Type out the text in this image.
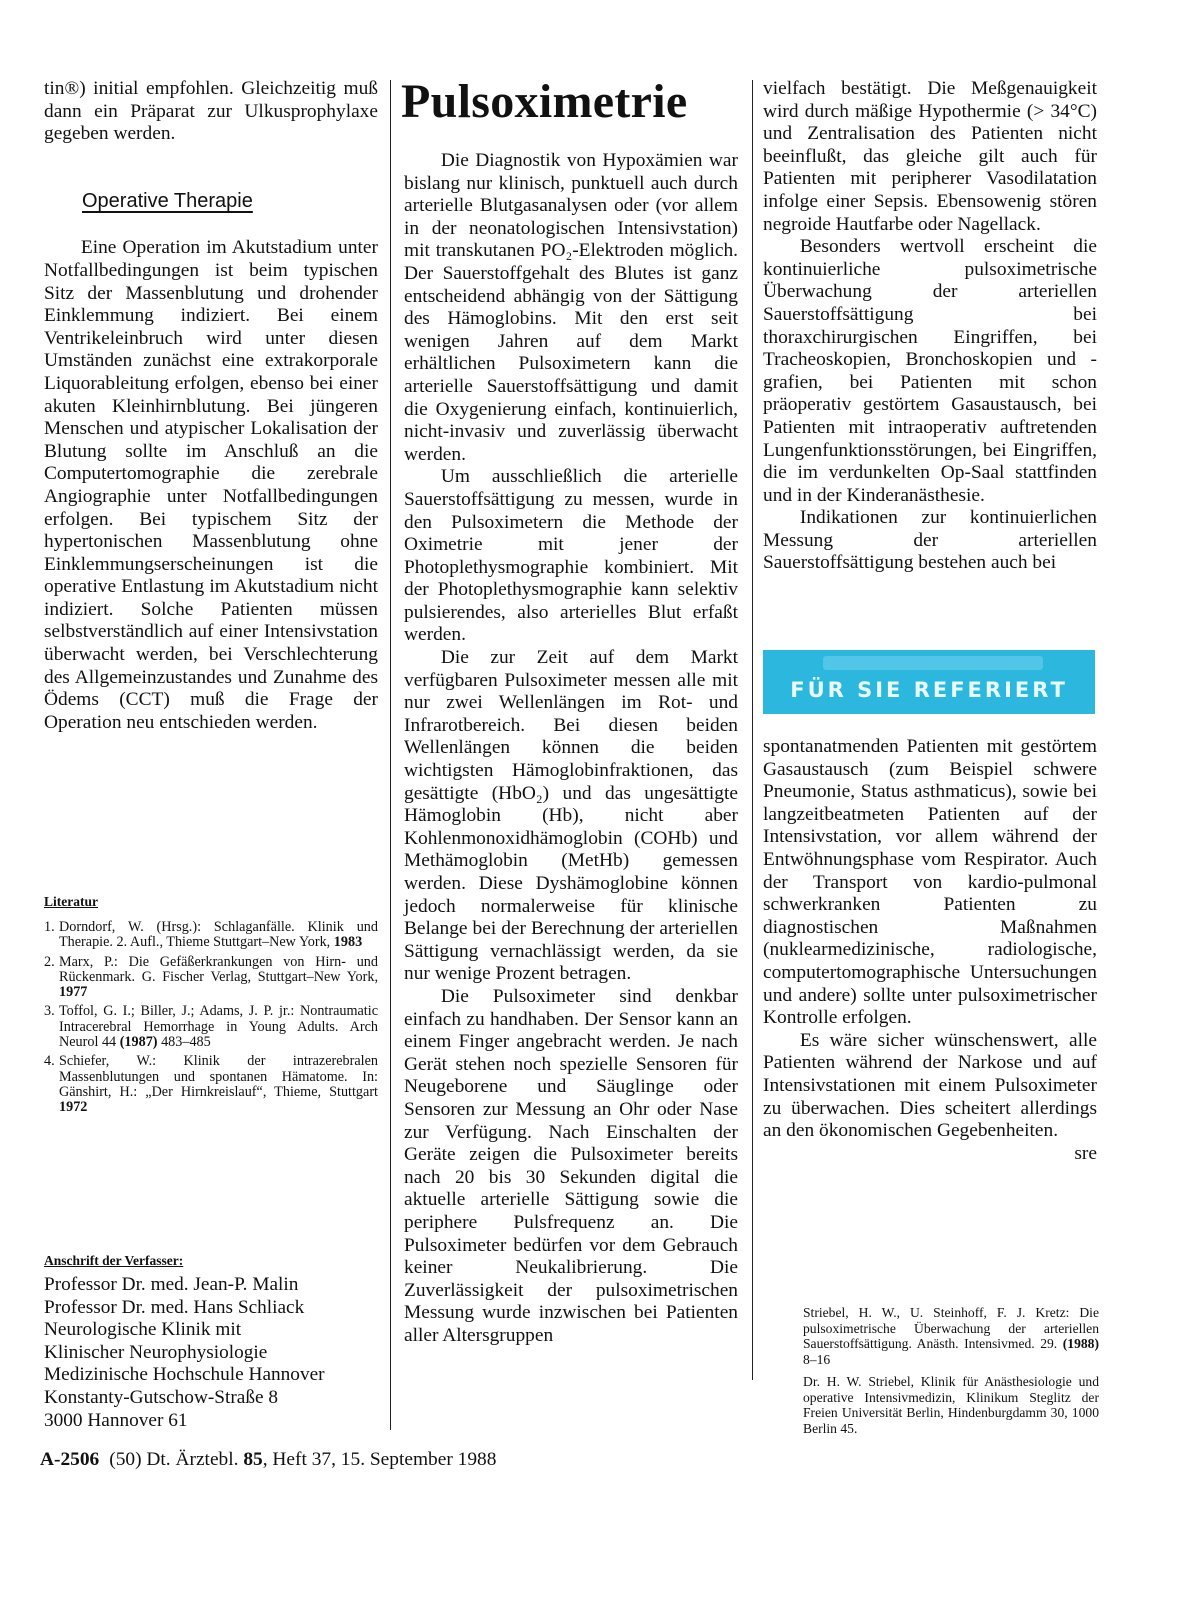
tin®) initial empfohlen. Gleichzeitig muß dann ein Präparat zur Ulkusprophylaxe gegeben werden.

Operative Therapie

Eine Operation im Akutstadium unter Notfallbedingungen ist beim typischen Sitz der Massenblutung und drohender Einklemmung indiziert. Bei einem Ventrikeleinbruch wird unter diesen Umständen zunächst eine extrakorporale Liquorableitung erfolgen, ebenso bei einer akuten Kleinhirnblutung. Bei jüngeren Menschen und atypischer Lokalisation der Blutung sollte im Anschluß an die Computertomographie die zerebrale Angiographie unter Notfallbedingungen erfolgen. Bei typischem Sitz der hypertonischen Massenblutung ohne Einklemmungserscheinungen ist die operative Entlastung im Akutstadium nicht indiziert. Solche Patienten müssen selbstverständlich auf einer Intensivstation überwacht werden, bei Verschlechterung des Allgemeinzustandes und Zunahme des Ödems (CCT) muß die Frage der Operation neu entschieden werden.

Literatur
1. Dorndorf, W. (Hrsg.): Schlaganfälle. Klinik und Therapie. 2. Aufl., Thieme Stuttgart–New York, 1983
2. Marx, P.: Die Gefäßerkrankungen von Hirn- und Rückenmark. G. Fischer Verlag, Stuttgart–New York, 1977
3. Toffol, G. I.; Biller, J.; Adams, J. P. jr.: Nontraumatic Intracerebral Hemorrhage in Young Adults. Arch Neurol 44 (1987) 483–485
4. Schiefer, W.: Klinik der intrazerebralen Massenblutungen und spontanen Hämatome. In: Gänshirt, H.: „Der Hirnkreislauf“, Thieme, Stuttgart 1972
Anschrift der Verfasser:
Professor Dr. med. Jean-P. Malin
Professor Dr. med. Hans Schliack
Neurologische Klinik mit
Klinischer Neurophysiologie
Medizinische Hochschule Hannover
Konstanty-Gutschow-Straße 8
3000 Hannover 61
Pulsoximetrie

Die Diagnostik von Hypoxämien war bislang nur klinisch, punktuell auch durch arterielle Blutgasanalysen oder (vor allem in der neonatologischen Intensivstation) mit transkutanen PO₂-Elektroden möglich. Der Sauerstoffgehalt des Blutes ist ganz entscheidend abhängig von der Sättigung des Hämoglobins. Mit den erst seit wenigen Jahren auf dem Markt erhältlichen Pulsoximetern kann die arterielle Sauerstoffsättigung und damit die Oxygenierung einfach, kontinuierlich, nicht-invasiv und zuverlässig überwacht werden.

Um ausschließlich die arterielle Sauerstoffsättigung zu messen, wurde in den Pulsoximetern die Methode der Oximetrie mit jener der Photoplethysmographie kombiniert. Mit der Photoplethysmographie kann selektiv pulsierendes, also arterielles Blut erfaßt werden.

Die zur Zeit auf dem Markt verfügbaren Pulsoximeter messen alle mit nur zwei Wellenlängen im Rot- und Infrarotbereich. Bei diesen beiden Wellenlängen können die beiden wichtigsten Hämoglobinfraktionen, das gesättigte (HbO₂) und das ungesättigte Hämoglobin (Hb), nicht aber Kohlenmonoxidhämoglobin (COHb) und Methämoglobin (MetHb) gemessen werden. Diese Dyshämoglobine können jedoch normalerweise für klinische Belange bei der Berechnung der arteriellen Sättigung vernachlässigt werden, da sie nur wenige Prozent betragen.

Die Pulsoximeter sind denkbar einfach zu handhaben. Der Sensor kann an einem Finger angebracht werden. Je nach Gerät stehen noch spezielle Sensoren für Neugeborene und Säuglinge oder Sensoren zur Messung an Ohr oder Nase zur Verfügung. Nach Einschalten der Geräte zeigen die Pulsoximeter bereits nach 20 bis 30 Sekunden digital die aktuelle arterielle Sättigung sowie die periphere Pulsfrequenz an. Die Pulsoximeter bedürfen vor dem Gebrauch keiner Neukalibrierung. Die Zuverlässigkeit der pulsoximetrischen Messung wurde inzwischen bei Patienten aller Altersgruppen

vielfach bestätigt. Die Meßgenauigkeit wird durch mäßige Hypothermie (> 34°C) und Zentralisation des Patienten nicht beeinflußt, das gleiche gilt auch für Patienten mit peripherer Vasodilatation infolge einer Sepsis. Ebensowenig stören negroide Hautfarbe oder Nagellack.

Besonders wertvoll erscheint die kontinuierliche pulsoximetrische Überwachung der arteriellen Sauerstoffsättigung bei thoraxchirurgischen Eingriffen, bei Tracheoskopien, Bronchoskopien und -grafien, bei Patienten mit schon präoperativ gestörtem Gasaustausch, bei Patienten mit intraoperativ auftretenden Lungenfunktionsstörungen, bei Eingriffen, die im verdunkelten Op-Saal stattfinden und in der Kinderanästhesie.

Indikationen zur kontinuierlichen Messung der arteriellen Sauerstoffsättigung bestehen auch bei

FÜR SIE REFERIERT

spontanatmenden Patienten mit gestörtem Gasaustausch (zum Beispiel schwere Pneumonie, Status asthmaticus), sowie bei langzeitbeatmeten Patienten auf der Intensivstation, vor allem während der Entwöhnungsphase vom Respirator. Auch der Transport von kardio-pulmonal schwerkranken Patienten zu diagnostischen Maßnahmen (nuklearmedizinische, radiologische, computertomographische Untersuchungen und andere) sollte unter pulsoximetrischer Kontrolle erfolgen.

Es wäre sicher wünschenswert, alle Patienten während der Narkose und auf Intensivstationen mit einem Pulsoximeter zu überwachen. Dies scheitert allerdings an den ökonomischen Gegebenheiten.
sre

Striebel, H. W., U. Steinhoff, F. J. Kretz: Die pulsoximetrische Überwachung der arteriellen Sauerstoffsättigung. Anästh. Intensivmed. 29. (1988) 8–16
Dr. H. W. Striebel, Klinik für Anästhesiologie und operative Intensivmedizin, Klinikum Steglitz der Freien Universität Berlin, Hindenburgdamm 30, 1000 Berlin 45.
A-2506 (50) Dt. Ärztebl. 85, Heft 37, 15. September 1988
